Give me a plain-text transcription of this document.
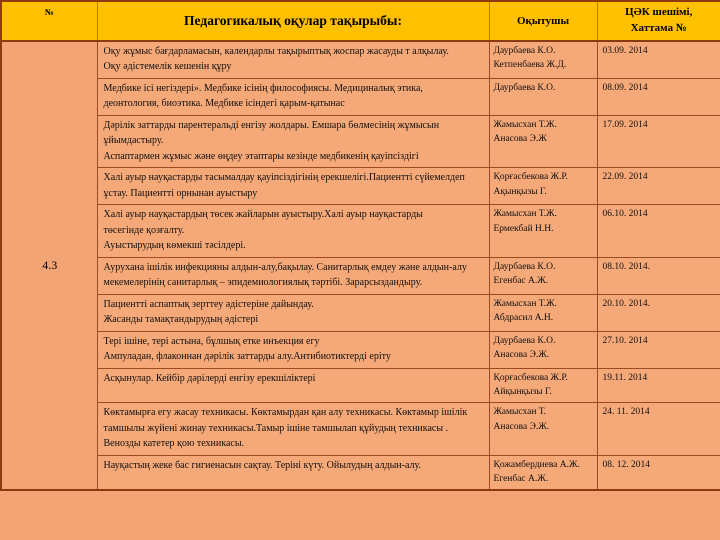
№	Педагогикалық оқулар тақырыбы:	Оқытушы	ЦӘК шешімі,
Хаттама №

4.3	Оқу жұмыс бағдарламасын, календарлы тақырыптық жоспар жасауды т алқылау.
Оқу әдістемелік кешенін құру	Даурбаева К.О.
Кетпенбаева Ж.Д.	03.09. 2014

	Медбике ісі негіздері». Медбике ісінің философиясы. Медициналық этика,
деонтология, биоэтика. Медбике ісіндегі қарым-қатынас	Даурбаева К.О.	08.09. 2014

	Дәрілік заттарды парентеральді енгізу жолдары. Емшара бөлмесінің жұмысын
ұйымдастыру.
Аспаптармен жұмыс және өңдеу этаптары кезінде медбикенің қауіпсіздігі	Жамысхан Т.Ж.
Анасова Э.Ж	17.09. 2014

	Халі ауыр науқастарды тасымалдау қауіпсіздігінің ерекшелігі.Пациентті сүйемелдеп
ұстау. Пациентті орнынан ауыстыру	Қорғасбекова Ж.Р.
Ақынқызы Г.	22.09. 2014

	Халі ауыр науқастардың төсек жайларын ауыстыру.Халі ауыр науқастарды
төсегінде қозғалту.
Ауыстырудың көмекші тәсілдері.	Жамысхан Т.Ж.
Ермекбай Н.Н.	06.10. 2014

	Аурухана ішілік инфекцияны алдын-алу,бақылау. Санитарлық емдеу және алдын-алу
мекемелерінің санитарлық – эпидемиологиялық тәртібі. Зарарсыздандыру.	Даурбаева К.О.
Егенбас А.Ж.	08.10. 2014.

	Пациентті аспаптық зерттеу әдістеріне дайындау.
Жасанды тамақтандырудың әдістері	Жамысхан Т.Ж.
Абдрасил А.Н.	20.10. 2014.

	Тері ішіне, тері астына, бұлшық етке инъекция егу
Ампуладан, флаконнан дәрілік заттарды алу.Антибиотиктерді еріту	Даурбаева К.О.
Анасова Э.Ж.	27.10. 2014

	Асқынулар. Кейбір дәрілерді енгізу ерекшіліктері	Қорғасбекова Ж.Р.
Айқынқызы Г.	19.11. 2014

	Көктамырға егу жасау техникасы. Көктамырдан қан алу техникасы. Көктамыр ішілік
тамшылы жүйені жинау техникасы.Тамыр ішіне тамшылап құйудың техникасы .
Венозды катетер қою техникасы.	Жамысхан Т.
Анасова Э.Ж.	24. 11. 2014

	Науқастың жеке бас гигиенасын сақтау. Теріні күту. Ойылудың алдын-алу.	Қожамбердиева А.Ж.
Егенбас А.Ж.	08. 12. 2014
